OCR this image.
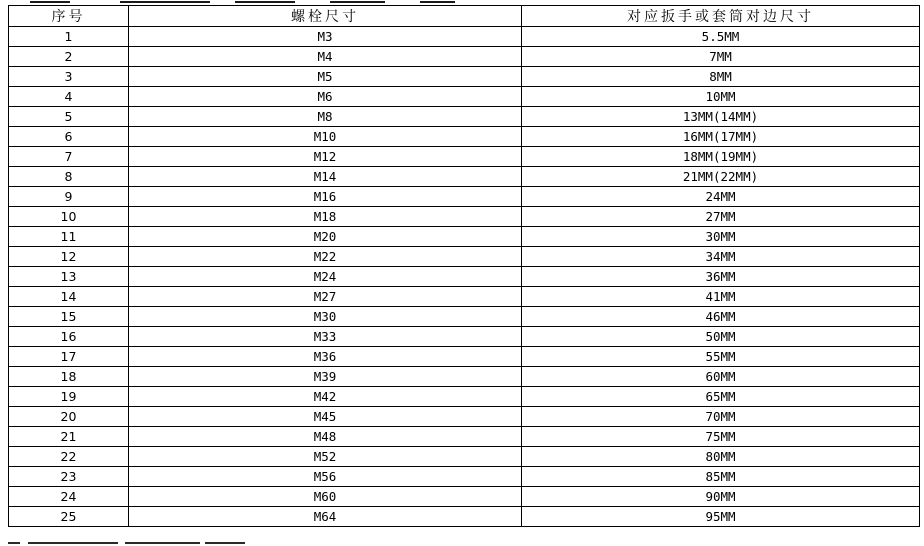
序号	螺栓尺寸	对应扳手或套筒对边尺寸
1	M3	5.5MM
2	M4	7MM
3	M5	8MM
4	M6	10MM
5	M8	13MM(14MM)
6	M10	16MM(17MM)
7	M12	18MM(19MM)
8	M14	21MM(22MM)
9	M16	24MM
10	M18	27MM
11	M20	30MM
12	M22	34MM
13	M24	36MM
14	M27	41MM
15	M30	46MM
16	M33	50MM
17	M36	55MM
18	M39	60MM
19	M42	65MM
20	M45	70MM
21	M48	75MM
22	M52	80MM
23	M56	85MM
24	M60	90MM
25	M64	95MM
